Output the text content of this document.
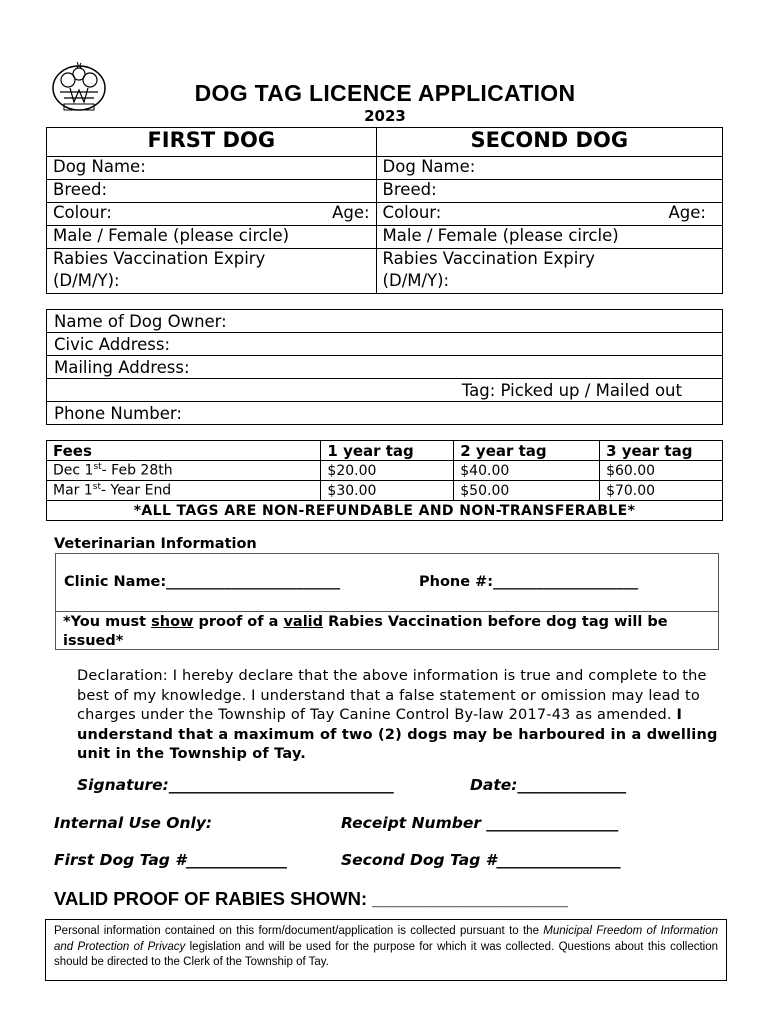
DOG TAG LICENCE APPLICATION
2023
FIRST DOG	SECOND DOG
Dog Name:	Dog Name:
Breed:	Breed:
Colour: Age:	Colour: Age:

Male / Female (please circle)	Male / Female (please circle)
Rabies Vaccination Expiry	Rabies Vaccination Expiry
(D/M/Y):	(D/M/Y):
Name of Dog Owner:
Civic Address:
Mailing Address:
Tag: Picked up / Mailed out
Phone Number:
Fees	1 year tag	2 year tag	3 year tag
Dec 1st- Feb 28th	$20.00	$40.00	$60.00
Mar 1st- Year End	$30.00	$50.00	$70.00
*ALL TAGS ARE NON-REFUNDABLE AND NON-TRANSFERABLE*			
Veterinarian Information
Clinic Name:________________________	Phone #:____________________
*You must show proof of a valid Rabies Vaccination before dog tag will be issued*
Declaration: I hereby declare that the above information is true and complete to the best of my knowledge. I understand that a false statement or omission may lead to charges under the Township of Tay Canine Control By-law 2017-43 as amended. I understand that a maximum of two (2) dogs may be harboured in a dwelling unit in the Township of Tay.
Signature:_____________________________	Date:______________
Internal Use Only:	Receipt Number _________________
First Dog Tag #_____________	Second Dog Tag #________________
VALID PROOF OF RABIES SHOWN: ___________________
Personal information contained on this form/document/application is collected pursuant to the Municipal Freedom of Information and Protection of Privacy legislation and will be used for the purpose for which it was collected. Questions about this collection should be directed to the Clerk of the Township of Tay.
